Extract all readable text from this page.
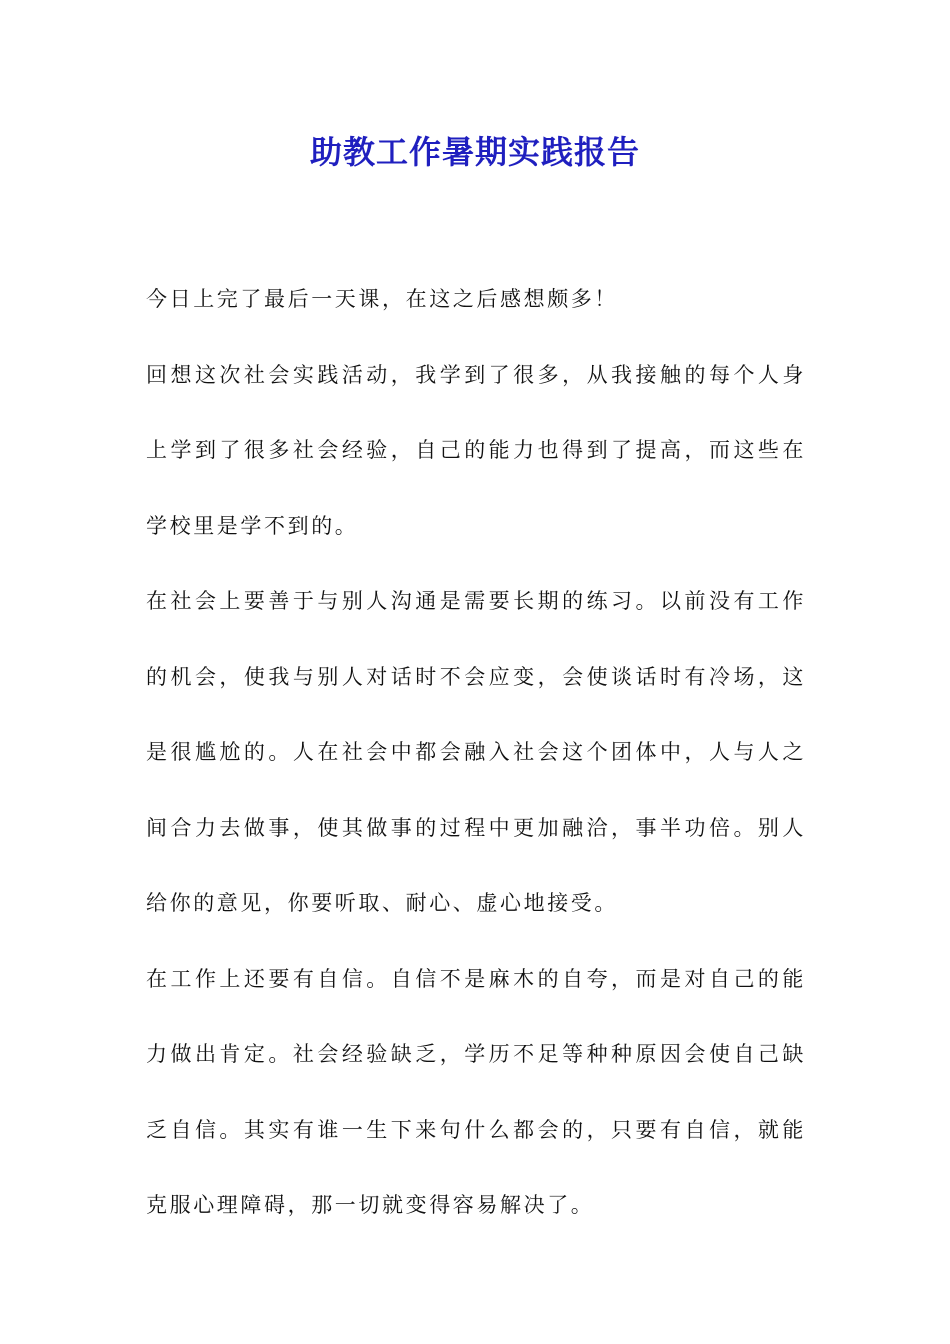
助教工作暑期实践报告

今日上完了最后一天课，在这之后感想颇多！

回想这次社会实践活动，我学到了很多，从我接触的每个人身上学到了很多社会经验，自己的能力也得到了提高，而这些在学校里是学不到的。

在社会上要善于与别人沟通是需要长期的练习。以前没有工作的机会，使我与别人对话时不会应变，会使谈话时有冷场，这是很尴尬的。人在社会中都会融入社会这个团体中，人与人之间合力去做事，使其做事的过程中更加融洽，事半功倍。别人给你的意见，你要听取、耐心、虚心地接受。

在工作上还要有自信。自信不是麻木的自夸，而是对自己的能力做出肯定。社会经验缺乏，学历不足等种种原因会使自己缺乏自信。其实有谁一生下来句什么都会的，只要有自信，就能克服心理障碍，那一切就变得容易解决了。
